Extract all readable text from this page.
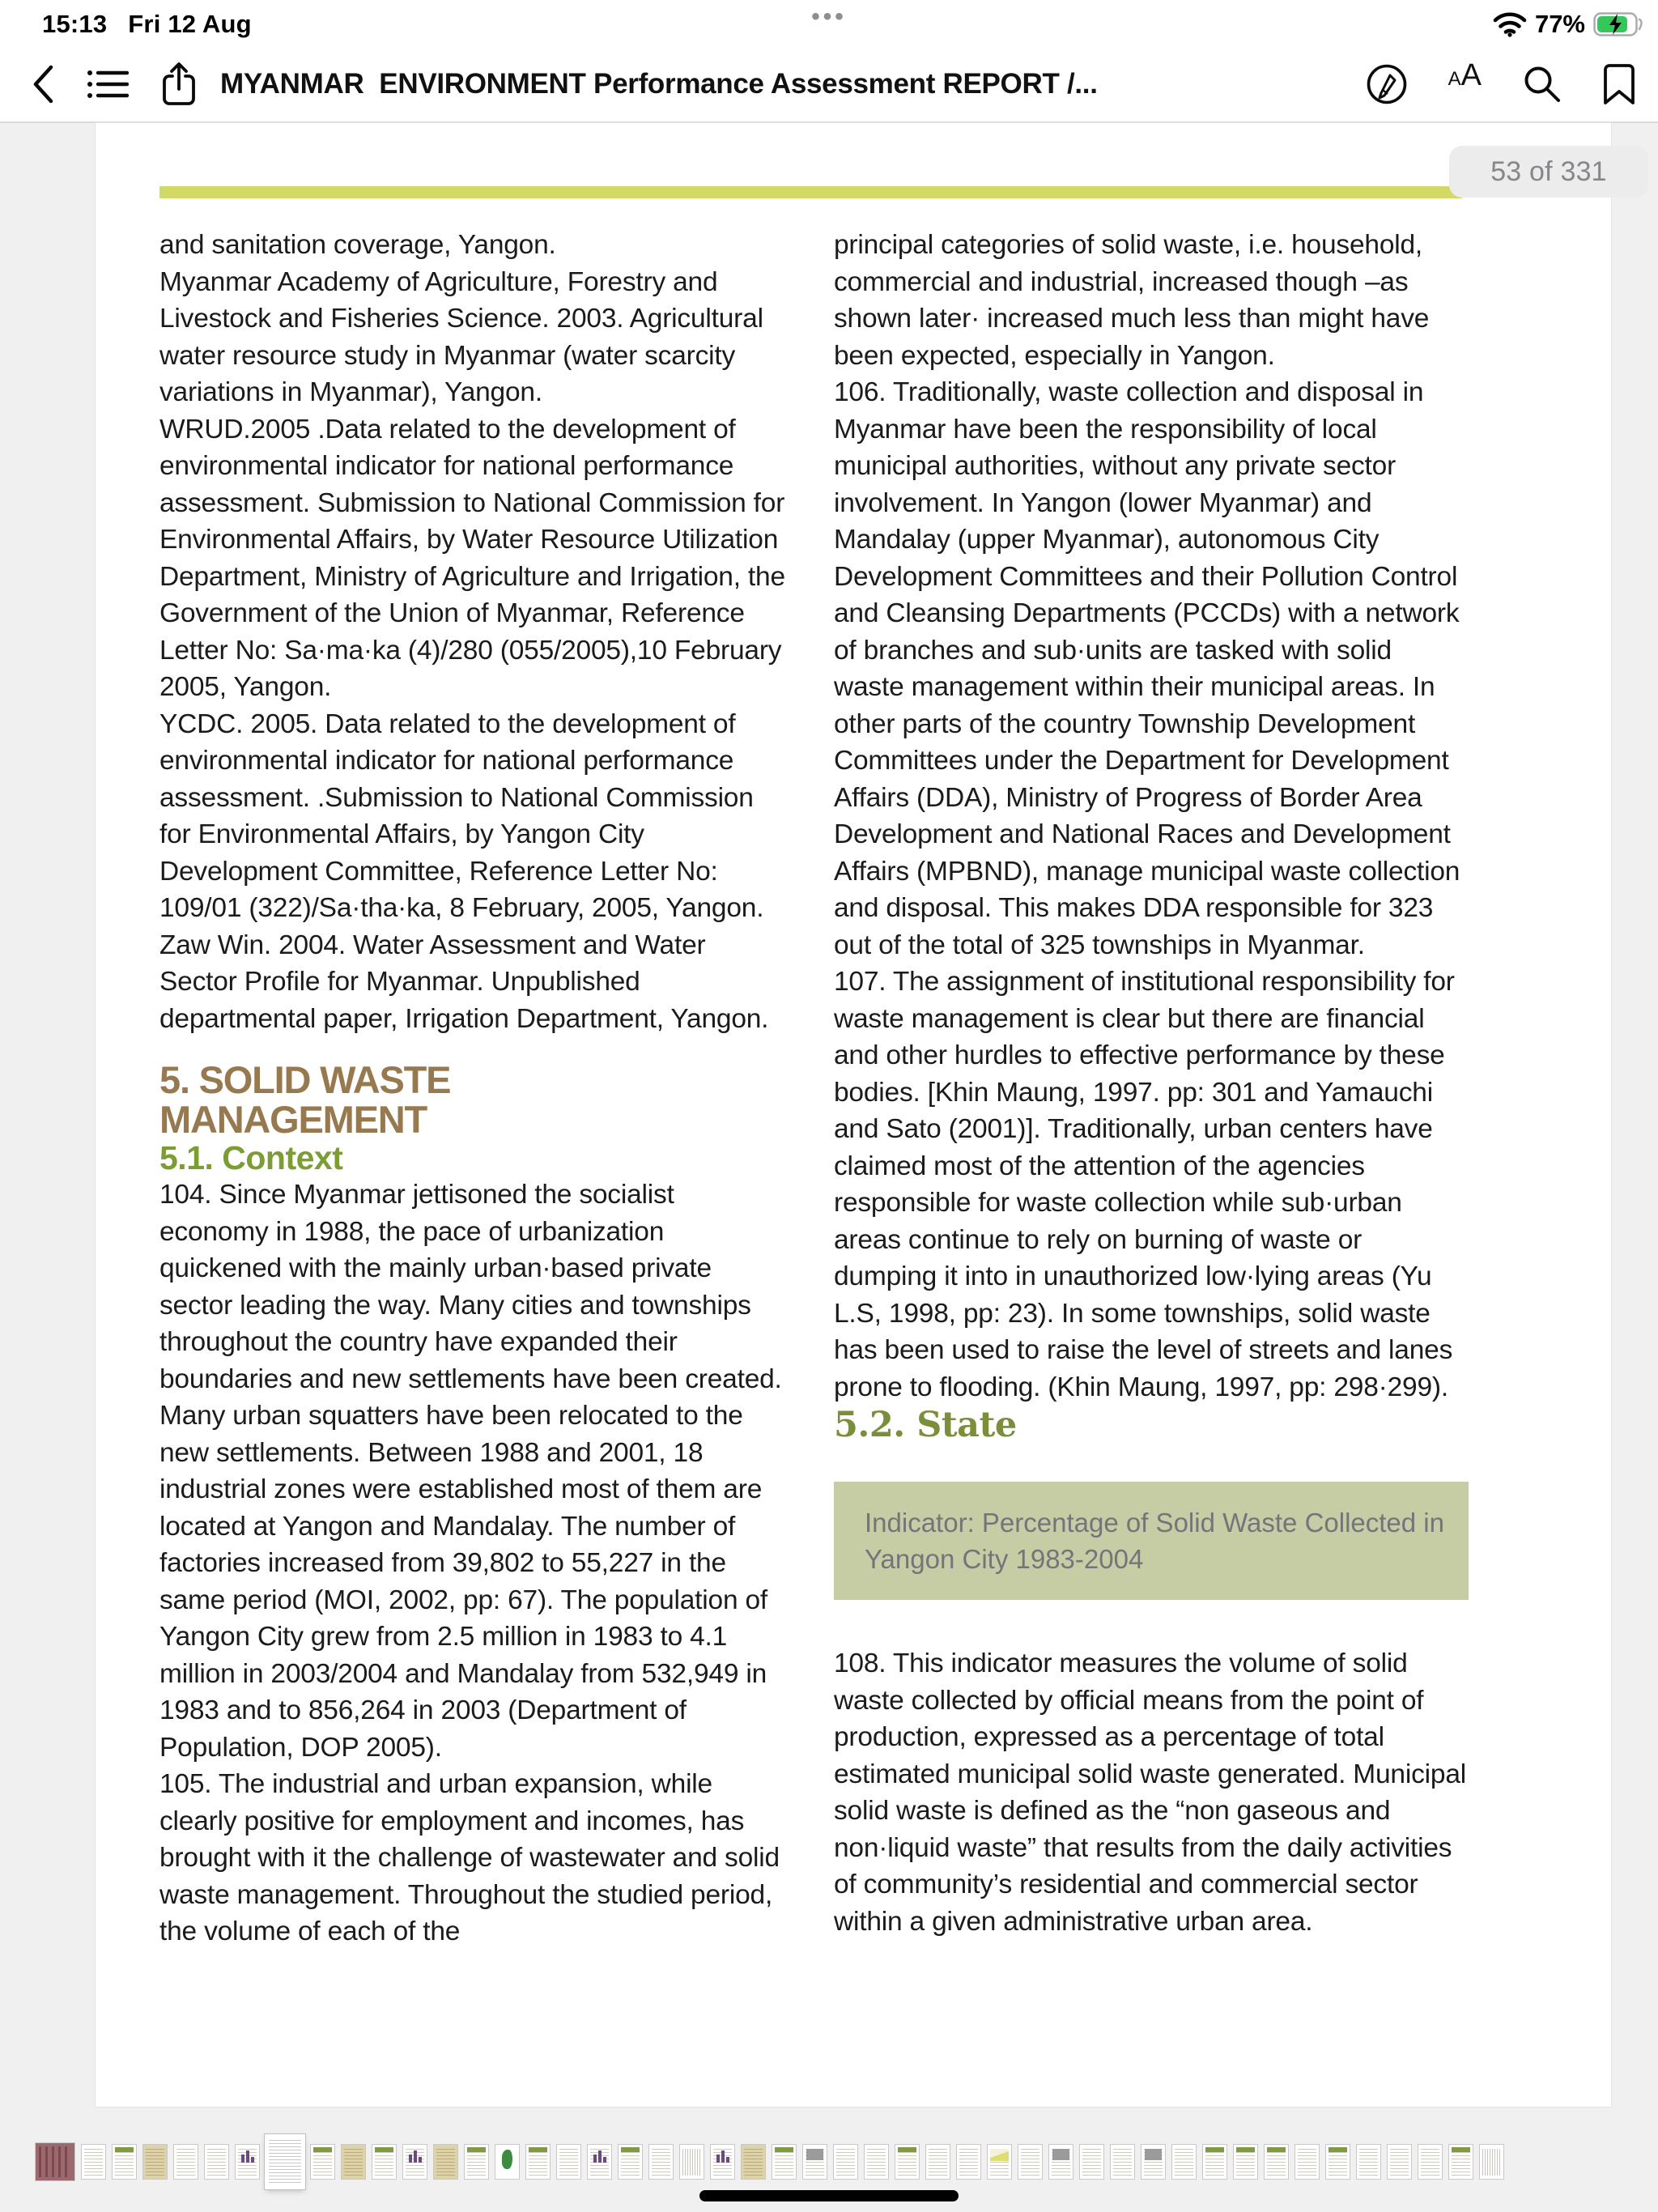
15:13 Fri 12 Aug	•••	77%
MYANMAR  ENVIRONMENT Performance Assessment REPORT /...	A A

and sanitation coverage, Yangon.

Myanmar Academy of Agriculture, Forestry and Livestock and Fisheries Science. 2003. Agricultural water resource study in Myanmar (water scarcity variations in Myanmar), Yangon.

WRUD.2005 .Data related to the development of environmental indicator for national performance assessment. Submission to National Commission for Environmental Affairs, by Water Resource Utilization Department, Ministry of Agriculture and Irrigation, the Government of the Union of Myanmar, Reference Letter No: Sa·ma·ka (4)/280 (055/2005),10 February 2005, Yangon.

YCDC. 2005. Data related to the development of environmental indicator for national performance assessment. .Submission to National Commission for Environmental Affairs, by Yangon City Development Committee, Reference Letter No: 109/01 (322)/Sa·tha·ka, 8 February, 2005, Yangon.

Zaw Win. 2004. Water Assessment and Water Sector Profile for Myanmar. Unpublished departmental paper, Irrigation Department, Yangon.

5. SOLID WASTE

MANAGEMENT

5.1. Context

104. Since Myanmar jettisoned the socialist economy in 1988, the pace of urbanization quickened with the mainly urban·based private sector leading the way. Many cities and townships throughout the country have expanded their boundaries and new settlements have been created. Many urban squatters have been relocated to the new settlements. Between 1988 and 2001, 18 industrial zones were established most of them are located at Yangon and Mandalay. The number of factories increased from 39,802 to 55,227 in the same period (MOI, 2002, pp: 67). The population of Yangon City grew from 2.5 million in 1983 to 4.1 million in 2003/2004 and Mandalay from 532,949 in 1983 and to 856,264 in 2003 (Department of Population, DOP 2005).

105. The industrial and urban expansion, while clearly positive for employment and incomes, has brought with it the challenge of wastewater and solid waste management. Throughout the studied period, the volume of each of the

principal categories of solid waste, i.e. household, commercial and industrial, increased though –as shown later· increased much less than might have been expected, especially in Yangon.

106. Traditionally, waste collection and disposal in Myanmar have been the responsibility of local municipal authorities, without any private sector involvement. In Yangon (lower Myanmar) and Mandalay (upper Myanmar), autonomous City Development Committees and their Pollution Control and Cleansing Departments (PCCDs) with a network of branches and sub·units are tasked with solid waste management within their municipal areas. In other parts of the country Township Development Committees under the Department for Development Affairs (DDA), Ministry of Progress of Border Area Development and National Races and Development Affairs (MPBND), manage municipal waste collection and disposal. This makes DDA responsible for 323 out of the total of 325 townships in Myanmar.

107. The assignment of institutional responsibility for waste management is clear but there are financial and other hurdles to effective performance by these bodies. [Khin Maung, 1997. pp: 301 and Yamauchi and Sato (2001)]. Traditionally, urban centers have claimed most of the attention of the agencies responsible for waste collection while sub·urban areas continue to rely on burning of waste or dumping it into in unauthorized low·lying areas (Yu L.S, 1998, pp: 23). In some townships, solid waste has been used to raise the level of streets and lanes prone to flooding. (Khin Maung, 1997, pp: 298·299).

5.2. State

Indicator: Percentage of Solid Waste Collected in Yangon City 1983-2004

108. This indicator measures the volume of solid waste collected by official means from the point of production, expressed as a percentage of total estimated municipal solid waste generated. Municipal solid waste is defined as the “non gaseous and non·liquid waste” that results from the daily activities of community’s residential and commercial sector within a given administrative urban area.

53 of 331
